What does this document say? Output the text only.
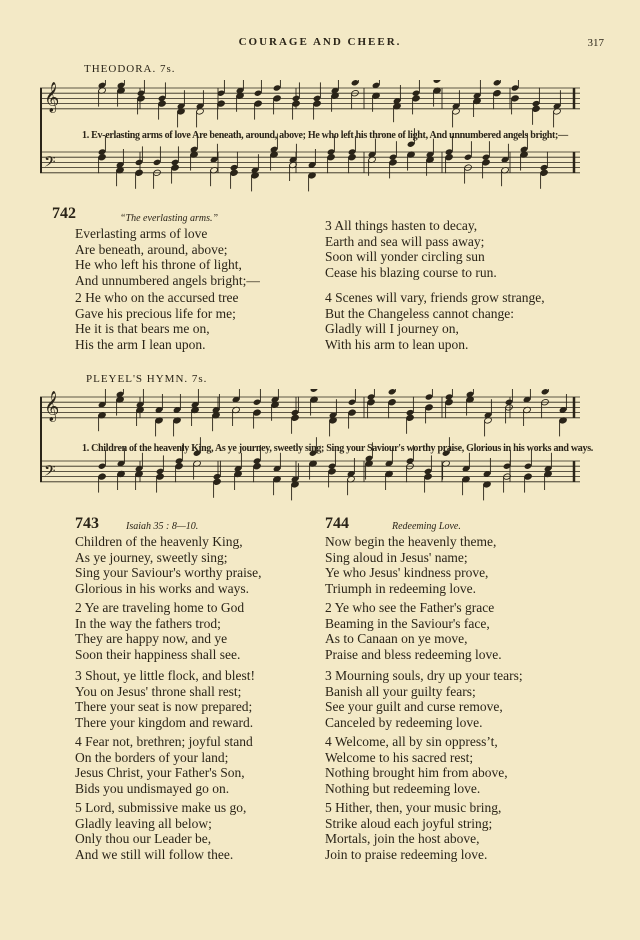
COURAGE AND CHEER.	317
THEODORA. 7s.
𝄞
𝄢
1. Ev-erlasting arms of love Are beneath, around, above; He who left his throne of light, And unnumbered angels bright;—
742	“The everlasting arms.”
Everlasting arms of love
Are beneath, around, above;
He who left his throne of light,
And unnumbered angels bright;—
2 He who on the accursed tree
Gave his precious life for me;
He it is that bears me on,
His the arm I lean upon.
3 All things hasten to decay,
Earth and sea will pass away;
Soon will yonder circling sun
Cease his blazing course to run.
4 Scenes will vary, friends grow strange,
But the Changeless cannot change:
Gladly will I journey on,
With his arm to lean upon.
PLEYEL'S HYMN. 7s.
𝄞
𝄢
1. Children of the heavenly King, As ye journey, sweetly sing; Sing your Saviour's worthy praise, Glorious in his works and ways.
743	Isaiah 35 : 8—10.
Children of the heavenly King,
As ye journey, sweetly sing;
Sing your Saviour's worthy praise,
Glorious in his works and ways.
2 Ye are traveling home to God
In the way the fathers trod;
They are happy now, and ye
Soon their happiness shall see.
3 Shout, ye little flock, and blest!
You on Jesus' throne shall rest;
There your seat is now prepared;
There your kingdom and reward.
4 Fear not, brethren; joyful stand
On the borders of your land;
Jesus Christ, your Father's Son,
Bids you undismayed go on.
5 Lord, submissive make us go,
Gladly leaving all below;
Only thou our Leader be,
And we still will follow thee.
744	Redeeming Love.
Now begin the heavenly theme,
Sing aloud in Jesus' name;
Ye who Jesus' kindness prove,
Triumph in redeeming love.
2 Ye who see the Father's grace
Beaming in the Saviour's face,
As to Canaan on ye move,
Praise and bless redeeming love.
3 Mourning souls, dry up your tears;
Banish all your guilty fears;
See your guilt and curse remove,
Canceled by redeeming love.
4 Welcome, all by sin oppress’t,
Welcome to his sacred rest;
Nothing brought him from above,
Nothing but redeeming love.
5 Hither, then, your music bring,
Strike aloud each joyful string;
Mortals, join the host above,
Join to praise redeeming love.
